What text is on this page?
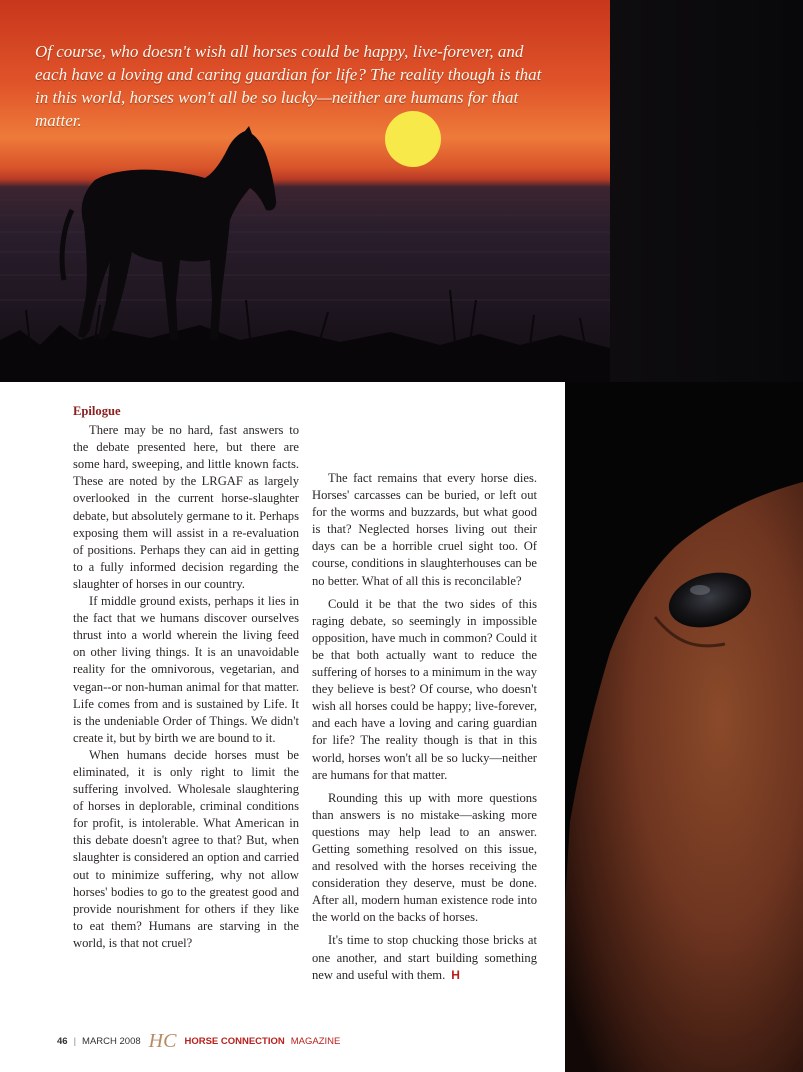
Of course, who doesn't wish all horses could be happy, live-forever, and each have a loving and caring guardian for life? The reality though is that in this world, horses won't all be so lucky—neither are humans for that matter.
Epilogue

There may be no hard, fast answers to the debate presented here, but there are some hard, sweeping, and little known facts. These are noted by the LRGAF as largely overlooked in the current horse-slaughter debate, but absolutely germane to it. Perhaps exposing them will assist in a re-evaluation of positions. Perhaps they can aid in getting to a fully informed decision regarding the slaughter of horses in our country.

If middle ground exists, perhaps it lies in the fact that we humans discover ourselves thrust into a world wherein the living feed on other living things. It is an unavoidable reality for the omnivorous, vegetarian, and vegan--or non-human animal for that matter. Life comes from and is sustained by Life. It is the undeniable Order of Things. We didn't create it, but by birth we are bound to it.

When humans decide horses must be eliminated, it is only right to limit the suffering involved. Wholesale slaughtering of horses in deplorable, criminal conditions for profit, is intolerable. What American in this debate doesn't agree to that? But, when slaughter is considered an option and carried out to minimize suffering, why not allow horses' bodies to go to the greatest good and provide nourishment for others if they like to eat them? Humans are starving in the world, is that not cruel?

The fact remains that every horse dies. Horses' carcasses can be buried, or left out for the worms and buzzards, but what good is that? Neglected horses living out their days can be a horrible cruel sight too. Of course, conditions in slaughterhouses can be no better. What of all this is reconcilable?

Could it be that the two sides of this raging debate, so seemingly in impossible opposition, have much in common? Could it be that both actually want to reduce the suffering of horses to a minimum in the way they believe is best? Of course, who doesn't wish all horses could be happy; live-forever, and each have a loving and caring guardian for life? The reality though is that in this world, horses won't all be so lucky—neither are humans for that matter.

Rounding this up with more questions than answers is no mistake—asking more questions may help lead to an answer. Getting something resolved on this issue, and resolved with the horses receiving the consideration they deserve, must be done. After all, modern human existence rode into the world on the backs of horses.

It's time to stop chucking those bricks at one another, and start building something new and useful with them. H

46 | MARCH 2008 HC HORSE CONNECTION MAGAZINE
